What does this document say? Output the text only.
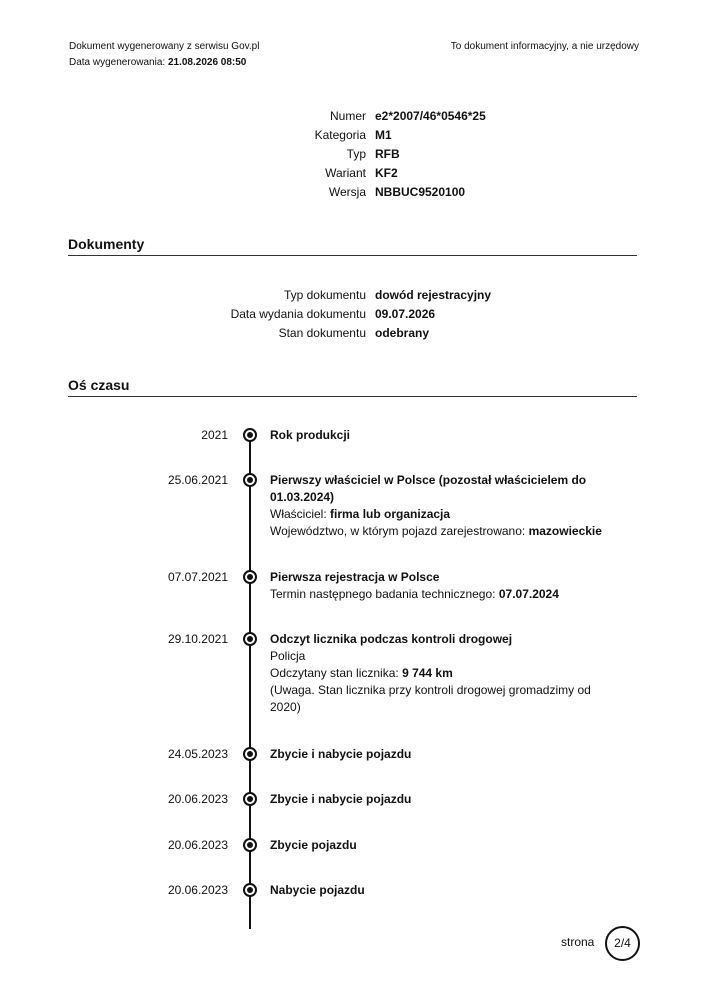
Dokument wygenerowany z serwisu Gov.pl
Data wygenerowania: 21.08.2026 08:50
To dokument informacyjny, a nie urzędowy
Numer e2*2007/46*0546*25
Kategoria M1
Typ RFB
Wariant KF2
Wersja NBBUC9520100
Dokumenty
Typ dokumentu dowód rejestracyjny
Data wydania dokumentu 09.07.2026
Stan dokumentu odebrany
Oś czasu
2021	Rok produkcji
25.06.2021	Pierwszy właściciel w Polsce (pozostał właścicielem do 01.03.2024)
Właściciel: firma lub organizacja
Województwo, w którym pojazd zarejestrowano: mazowieckie
07.07.2021	Pierwsza rejestracja w Polsce
Termin następnego badania technicznego: 07.07.2024
29.10.2021	Odczyt licznika podczas kontroli drogowej
Policja
Odczytany stan licznika: 9 744 km
(Uwaga. Stan licznika przy kontroli drogowej gromadzimy od 2020)
24.05.2023	Zbycie i nabycie pojazdu
20.06.2023	Zbycie i nabycie pojazdu
20.06.2023	Zbycie pojazdu
20.06.2023	Nabycie pojazdu
strona	2/4
